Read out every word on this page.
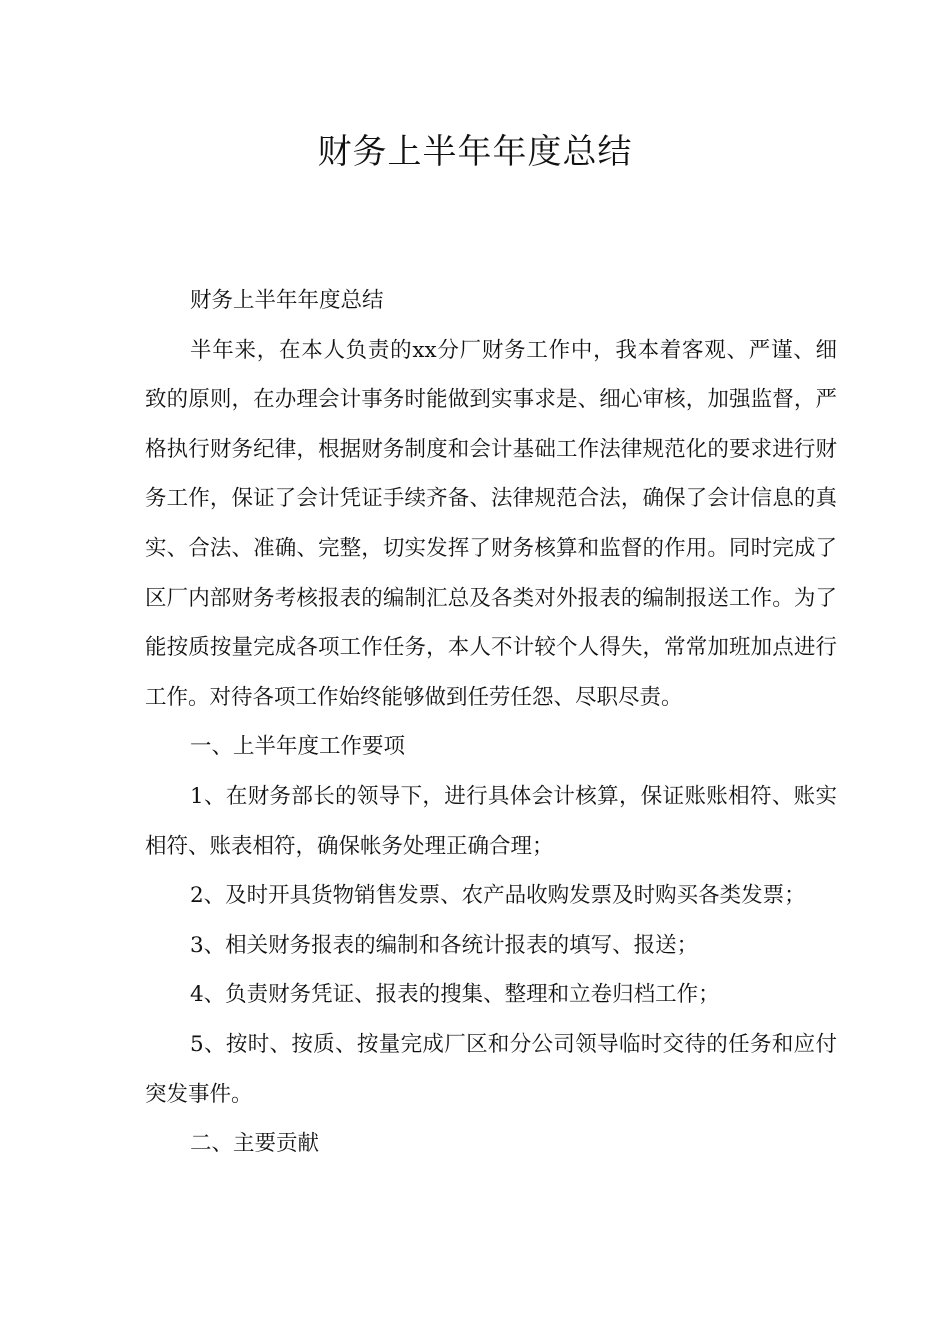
财务上半年年度总结

财务上半年年度总结

半年来，在本人负责的xx分厂财务工作中，我本着客观、严谨、细致的原则，在办理会计事务时能做到实事求是、细心审核，加强监督，严格执行财务纪律，根据财务制度和会计基础工作法律规范化的要求进行财务工作，保证了会计凭证手续齐备、法律规范合法，确保了会计信息的真实、合法、准确、完整，切实发挥了财务核算和监督的作用。同时完成了区厂内部财务考核报表的编制汇总及各类对外报表的编制报送工作。为了能按质按量完成各项工作任务，本人不计较个人得失，常常加班加点进行工作。对待各项工作始终能够做到任劳任怨、尽职尽责。

一、上半年度工作要项

1、在财务部长的领导下，进行具体会计核算，保证账账相符、账实相符、账表相符，确保帐务处理正确合理；

2、及时开具货物销售发票、农产品收购发票及时购买各类发票；

3、相关财务报表的编制和各统计报表的填写、报送；

4、负责财务凭证、报表的搜集、整理和立卷归档工作；

5、按时、按质、按量完成厂区和分公司领导临时交待的任务和应付突发事件。

二、主要贡献
